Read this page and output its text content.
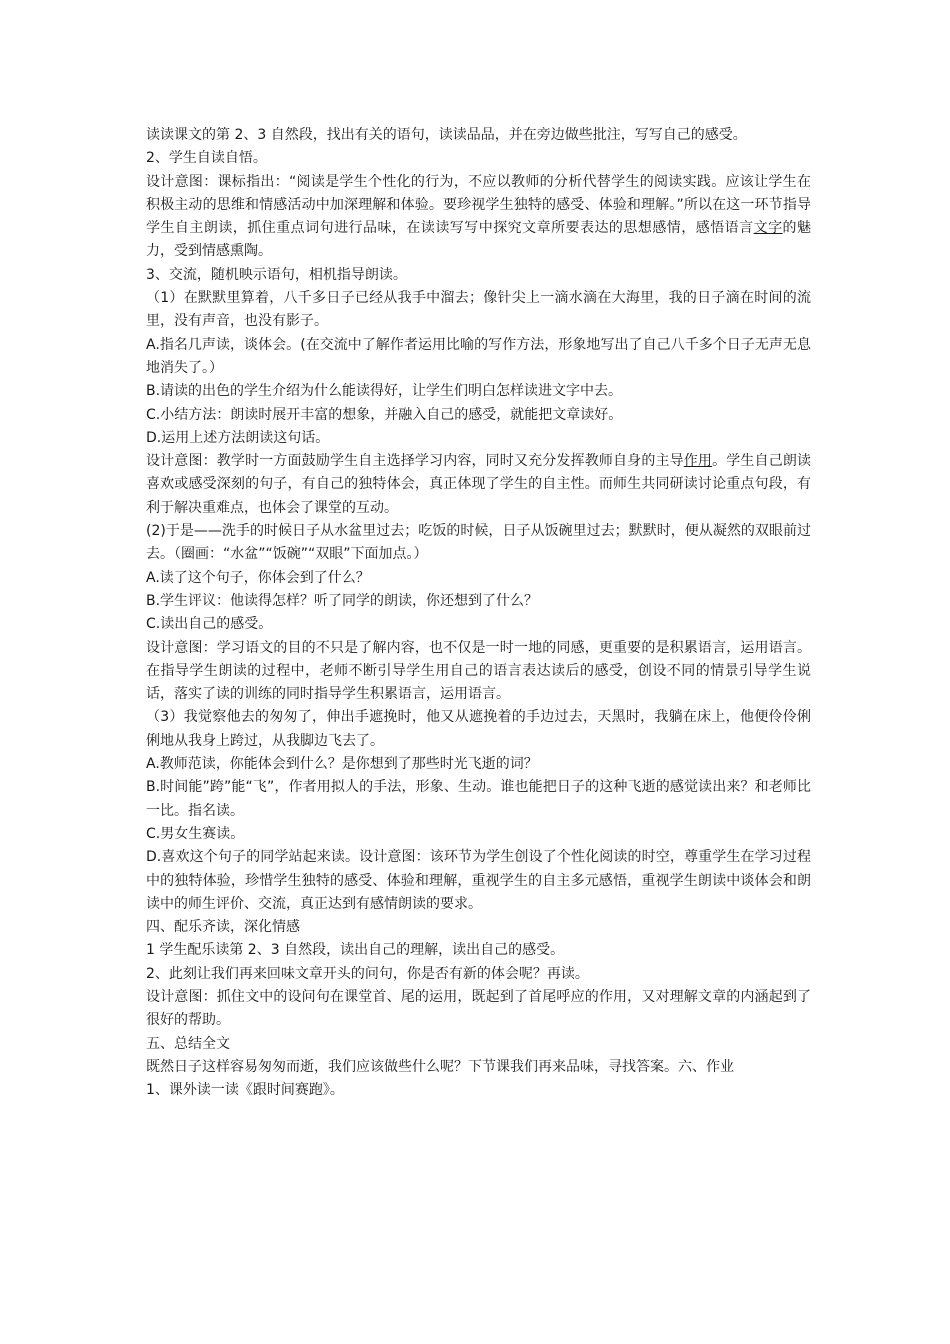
读读课文的第 2、3 自然段，找出有关的语句，读读品品，并在旁边做些批注，写写自己的感受。

2、学生自读自悟。

设计意图：课标指出：“阅读是学生个性化的行为，不应以教师的分析代替学生的阅读实践。应该让学生在积极主动的思维和情感活动中加深理解和体验。要珍视学生独特的感受、体验和理解。”所以在这一环节指导学生自主朗读，抓住重点词句进行品味，在读读写写中探究文章所要表达的思想感情，感悟语言文字的魅力，受到情感熏陶。

3、交流，随机映示语句，相机指导朗读。

（1）在默默里算着，八千多日子已经从我手中溜去；像针尖上一滴水滴在大海里，我的日子滴在时间的流里，没有声音，也没有影子。

A.指名几声读，谈体会。(在交流中了解作者运用比喻的写作方法，形象地写出了自己八千多个日子无声无息地消失了。）

B.请读的出色的学生介绍为什么能读得好，让学生们明白怎样读进文字中去。

C.小结方法：朗读时展开丰富的想象，并融入自己的感受，就能把文章读好。

D.运用上述方法朗读这句话。

设计意图：教学时一方面鼓励学生自主选择学习内容，同时又充分发挥教师自身的主导作用。学生自己朗读喜欢或感受深刻的句子，有自己的独特体会，真正体现了学生的自主性。而师生共同研读讨论重点句段，有利于解决重难点，也体会了课堂的互动。

(2)于是——洗手的时候日子从水盆里过去；吃饭的时候，日子从饭碗里过去；默默时，便从凝然的双眼前过去。（圈画：“水盆”“饭碗”“双眼”下面加点。）

A.读了这个句子，你体会到了什么？

B.学生评议：他读得怎样？听了同学的朗读，你还想到了什么？

C.读出自己的感受。

设计意图：学习语文的目的不只是了解内容，也不仅是一时一地的同感，更重要的是积累语言，运用语言。在指导学生朗读的过程中，老师不断引导学生用自己的语言表达读后的感受，创设不同的情景引导学生说话，落实了读的训练的同时指导学生积累语言，运用语言。

（3）我觉察他去的匆匆了，伸出手遮挽时，他又从遮挽着的手边过去，天黑时，我躺在床上，他便伶伶俐俐地从我身上跨过，从我脚边飞去了。

A.教师范读，你能体会到什么？是你想到了那些时光飞逝的词？

B.时间能”跨”能“飞”，作者用拟人的手法，形象、生动。谁也能把日子的这种飞逝的感觉读出来？和老师比一比。指名读。

C.男女生赛读。

D.喜欢这个句子的同学站起来读。设计意图：该环节为学生创设了个性化阅读的时空，尊重学生在学习过程中的独特体验，珍惜学生独特的感受、体验和理解，重视学生的自主多元感悟，重视学生朗读中谈体会和朗读中的师生评价、交流，真正达到有感情朗读的要求。

四、配乐齐读，深化情感

1 学生配乐读第 2、3 自然段，读出自己的理解，读出自己的感受。

2、此刻让我们再来回味文章开头的问句，你是否有新的体会呢？再读。

设计意图：抓住文中的设问句在课堂首、尾的运用，既起到了首尾呼应的作用，又对理解文章的内涵起到了很好的帮助。

五、总结全文

既然日子这样容易匆匆而逝，我们应该做些什么呢？下节课我们再来品味，寻找答案。六、作业

1、课外读一读《跟时间赛跑》。
